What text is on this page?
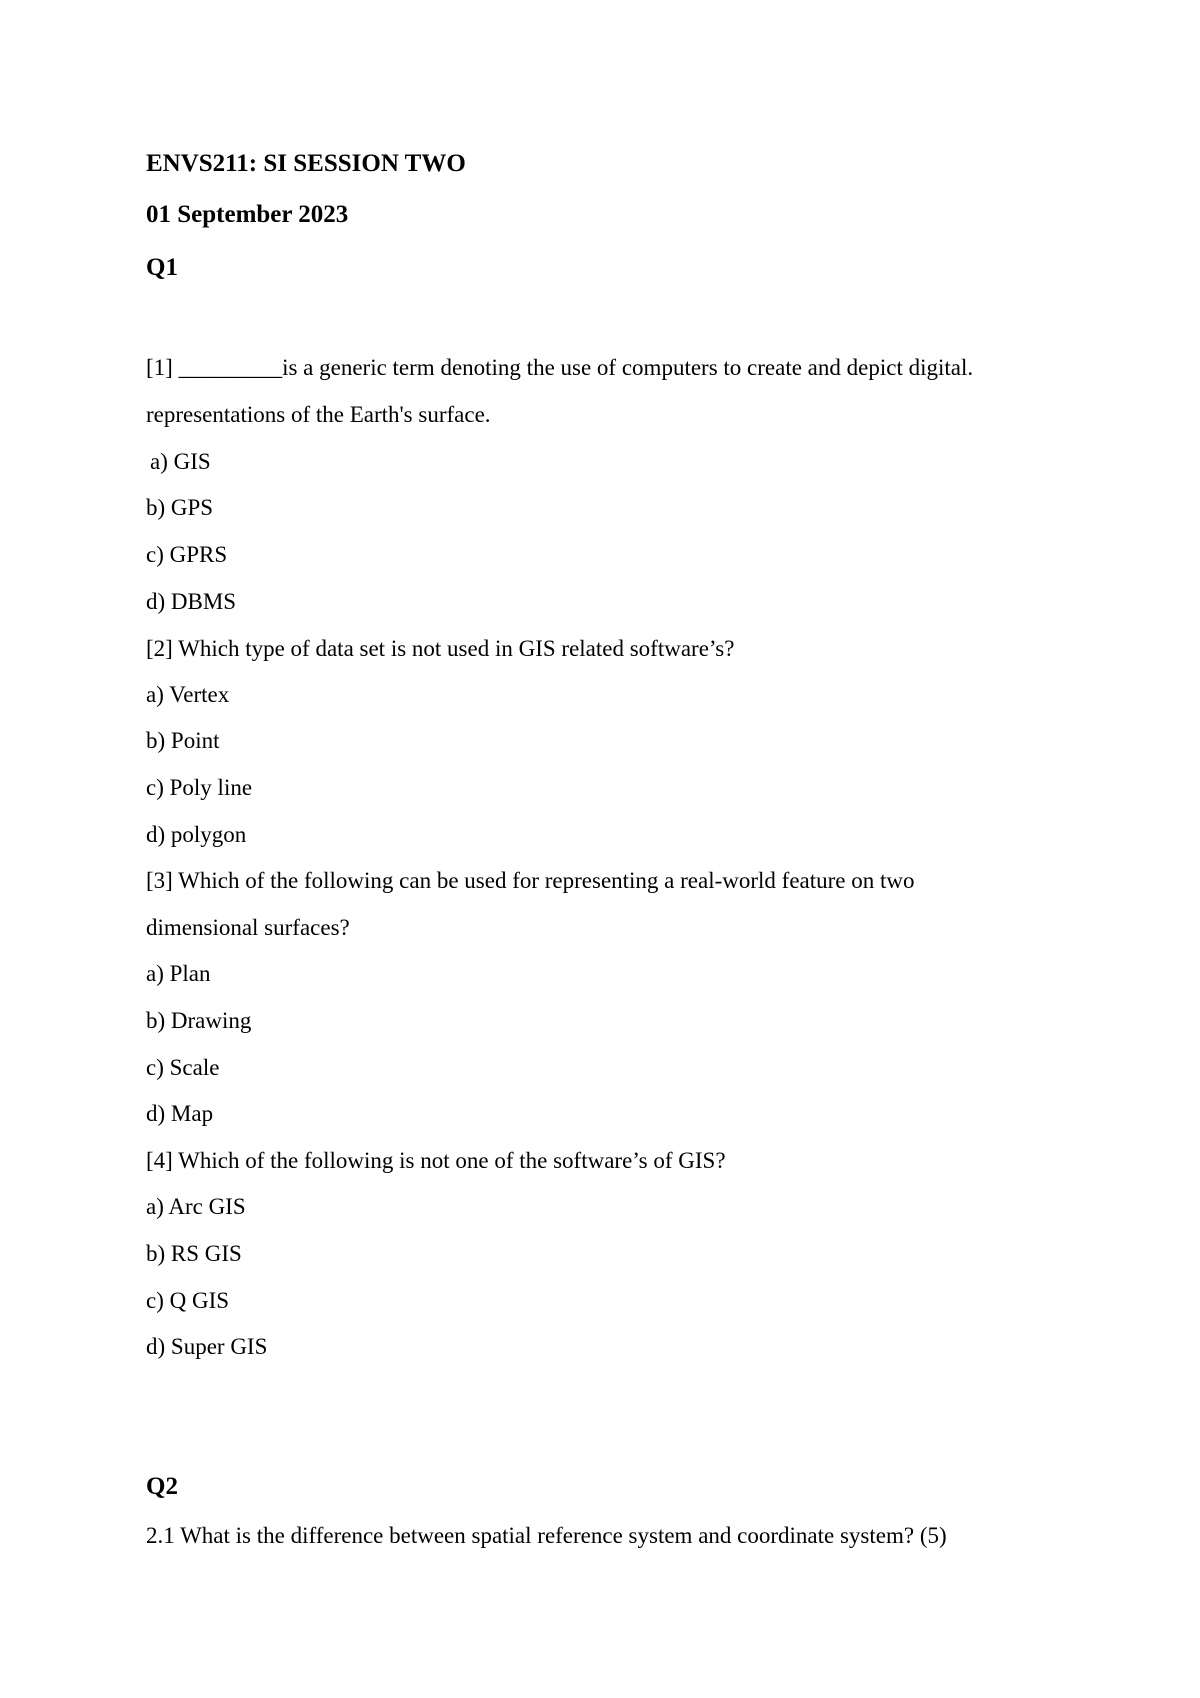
ENVS211: SI SESSION TWO
01 September 2023
Q1
[1] _________is a generic term denoting the use of computers to create and depict digital.
representations of the Earth's surface.
a) GIS
b) GPS
c) GPRS
d) DBMS
[2] Which type of data set is not used in GIS related software’s?
a) Vertex
b) Point
c) Poly line
d) polygon
[3] Which of the following can be used for representing a real-world feature on two
dimensional surfaces?
a) Plan
b) Drawing
c) Scale
d) Map
[4] Which of the following is not one of the software’s of GIS?
a) Arc GIS
b) RS GIS
c) Q GIS
d) Super GIS
Q2
2.1 What is the difference between spatial reference system and coordinate system? (5)
